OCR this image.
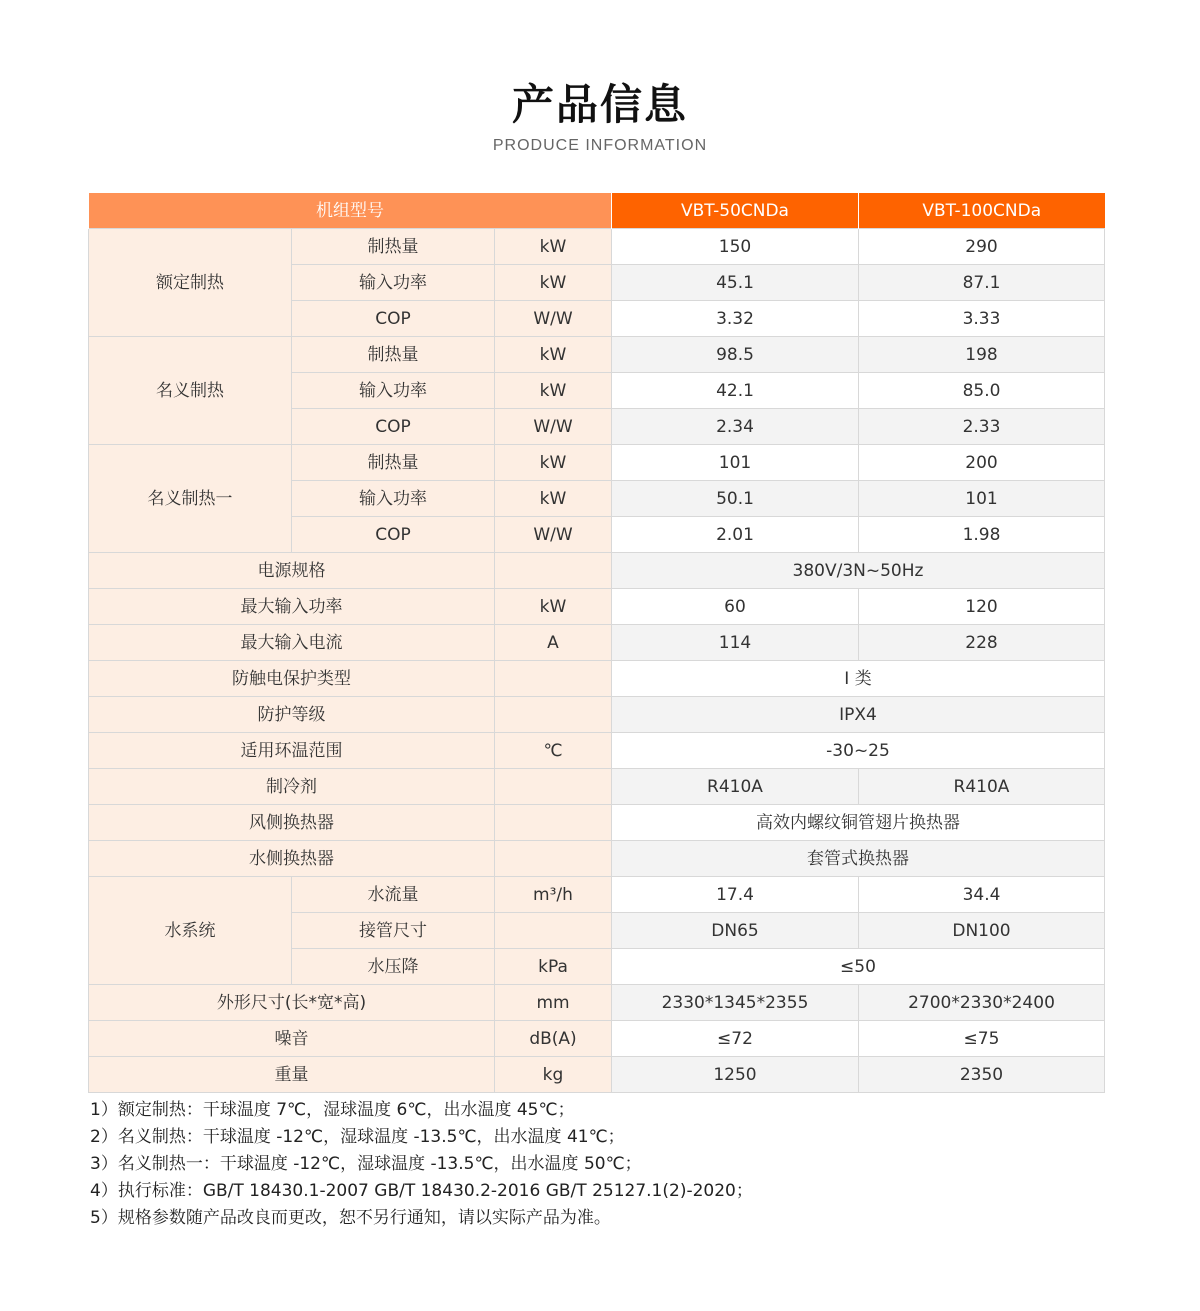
产品信息

PRODUCE INFORMATION

机组型号			VBT-50CNDa	VBT-100CNDa
额定制热	制热量	kW	150	290
	输入功率	kW	45.1	87.1
	COP	W/W	3.32	3.33
名义制热	制热量	kW	98.5	198
	输入功率	kW	42.1	85.0
	COP	W/W	2.34	2.33
名义制热一	制热量	kW	101	200
	输入功率	kW	50.1	101
	COP	W/W	2.01	1.98
电源规格			380V/3N~50Hz	
最大输入功率		kW	60	120
最大输入电流		A	114	228
防触电保护类型			I 类	
防护等级			IPX4	
适用环温范围		℃	-30~25	
制冷剂			R410A	R410A
风侧换热器			高效内螺纹铜管翅片换热器	
水侧换热器			套管式换热器	
水系统	水流量	m³/h	17.4	34.4
	接管尺寸		DN65	DN100
	水压降	kPa	≤50	
外形尺寸(长*宽*高)		mm	2330*1345*2355	2700*2330*2400
噪音		dB(A)	≤72	≤75
重量		kg	1250	2350
1）额定制热：干球温度 7℃，湿球温度 6℃，出水温度 45℃；
2）名义制热：干球温度 -12℃，湿球温度 -13.5℃，出水温度 41℃；
3）名义制热一：干球温度 -12℃，湿球温度 -13.5℃，出水温度 50℃；
4）执行标准：GB/T 18430.1-2007 GB/T 18430.2-2016 GB/T 25127.1(2)-2020；
5）规格参数随产品改良而更改，恕不另行通知，请以实际产品为准。
